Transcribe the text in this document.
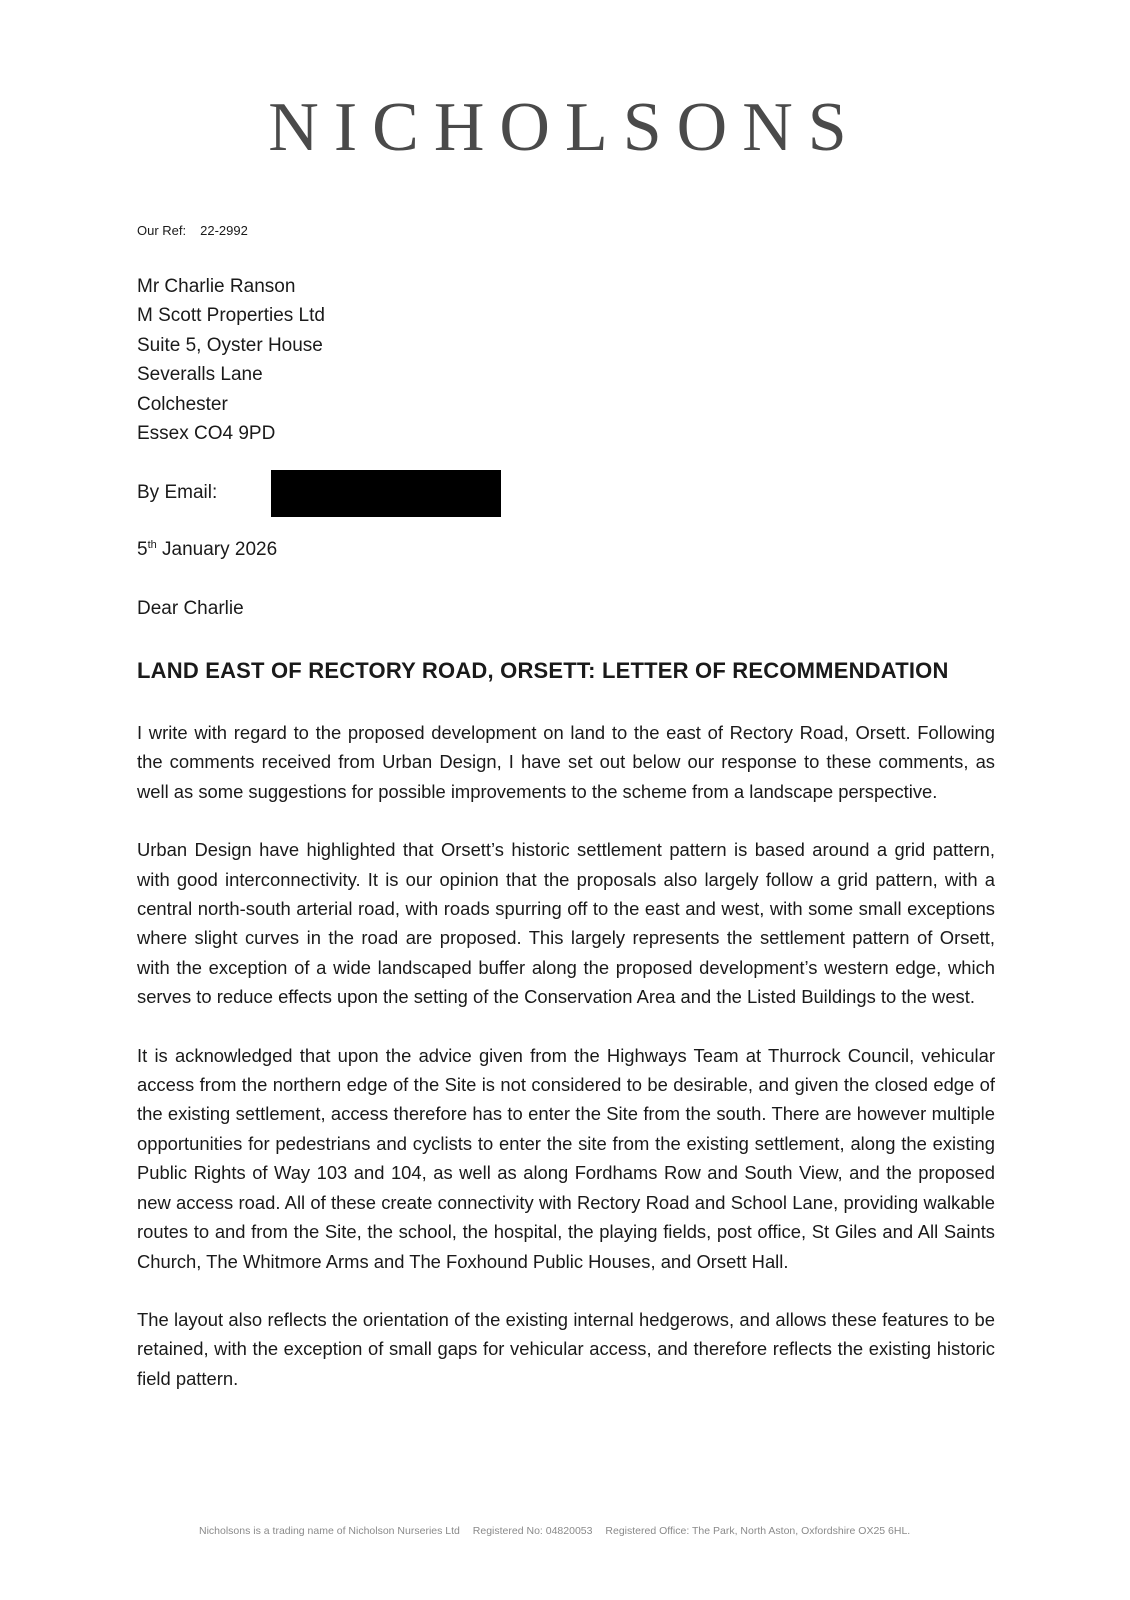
NICHOLSONS
Our Ref: 22-2992
Mr Charlie Ranson
M Scott Properties Ltd
Suite 5, Oyster House
Severalls Lane
Colchester
Essex CO4 9PD
By Email:
5th January 2026
Dear Charlie
LAND EAST OF RECTORY ROAD, ORSETT: LETTER OF RECOMMENDATION

I write with regard to the proposed development on land to the east of Rectory Road, Orsett. Following the comments received from Urban Design, I have set out below our response to these comments, as well as some suggestions for possible improvements to the scheme from a landscape perspective.

Urban Design have highlighted that Orsett’s historic settlement pattern is based around a grid pattern, with good interconnectivity. It is our opinion that the proposals also largely follow a grid pattern, with a central north-south arterial road, with roads spurring off to the east and west, with some small exceptions where slight curves in the road are proposed. This largely represents the settlement pattern of Orsett, with the exception of a wide landscaped buffer along the proposed development’s western edge, which serves to reduce effects upon the setting of the Conservation Area and the Listed Buildings to the west.

It is acknowledged that upon the advice given from the Highways Team at Thurrock Council, vehicular access from the northern edge of the Site is not considered to be desirable, and given the closed edge of the existing settlement, access therefore has to enter the Site from the south. There are however multiple opportunities for pedestrians and cyclists to enter the site from the existing settlement, along the existing Public Rights of Way 103 and 104, as well as along Fordhams Row and South View, and the proposed new access road. All of these create connectivity with Rectory Road and School Lane, providing walkable routes to and from the Site, the school, the hospital, the playing fields, post office, St Giles and All Saints Church, The Whitmore Arms and The Foxhound Public Houses, and Orsett Hall.

The layout also reflects the orientation of the existing internal hedgerows, and allows these features to be retained, with the exception of small gaps for vehicular access, and therefore reflects the existing historic field pattern.

Nicholsons is a trading name of Nicholson Nurseries Ltd Registered No: 04820053 Registered Office: The Park, North Aston, Oxfordshire OX25 6HL.
